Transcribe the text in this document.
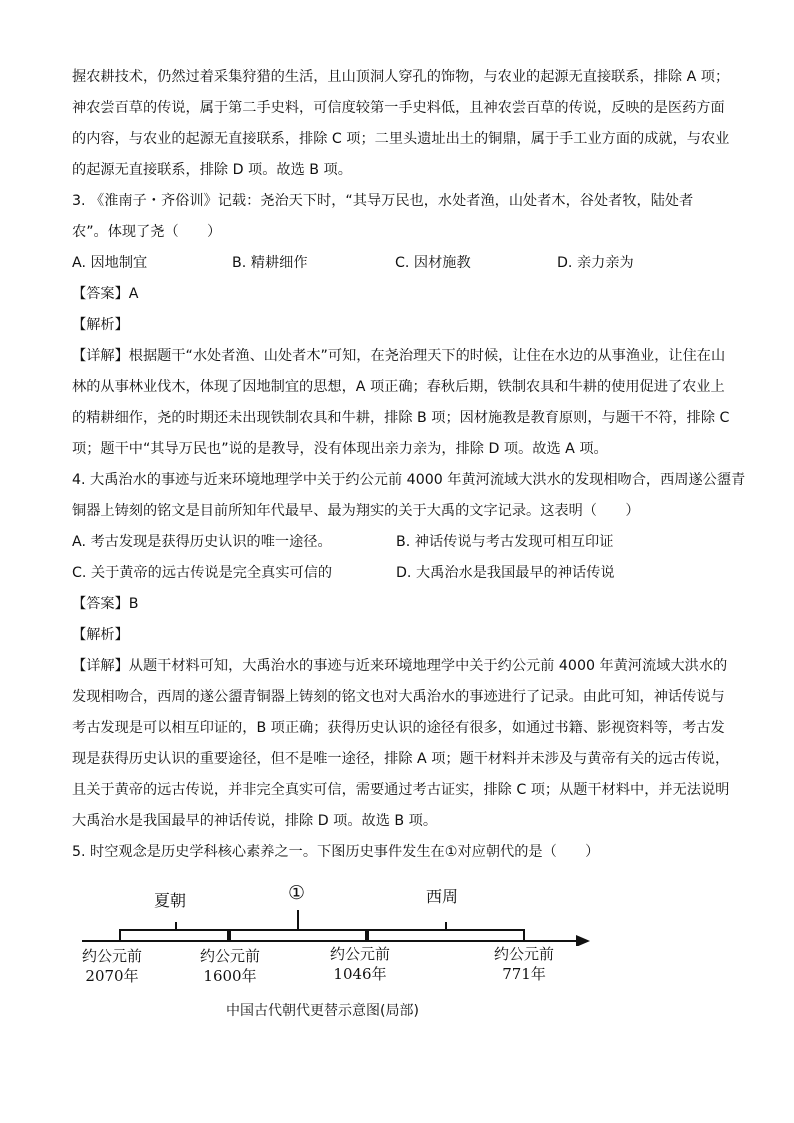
握农耕技术，仍然过着采集狩猎的生活，且山顶洞人穿孔的饰物，与农业的起源无直接联系，排除 A 项；

神农尝百草的传说，属于第二手史料，可信度较第一手史料低，且神农尝百草的传说，反映的是医药方面

的内容，与农业的起源无直接联系，排除 C 项；二里头遗址出土的铜鼎，属于手工业方面的成就，与农业

的起源无直接联系，排除 D 项。故选 B 项。

3. 《淮南子・齐俗训》记载：尧治天下时，“其导万民也，水处者渔，山处者木，谷处者牧，陆处者

农”。体现了尧（　　）

A. 因地制宜	B. 精耕细作	C. 因材施教	D. 亲力亲为

【答案】A

【解析】

【详解】根据题干“水处者渔、山处者木”可知，在尧治理天下的时候，让住在水边的从事渔业，让住在山

林的从事林业伐木，体现了因地制宜的思想，A 项正确；春秋后期，铁制农具和牛耕的使用促进了农业上

的精耕细作，尧的时期还未出现铁制农具和牛耕，排除 B 项；因材施教是教育原则，与题干不符，排除 C

项；题干中“其导万民也”说的是教导，没有体现出亲力亲为，排除 D 项。故选 A 项。

4. 大禹治水的事迹与近来环境地理学中关于约公元前 4000 年黄河流域大洪水的发现相吻合，西周遂公盨青

铜器上铸刻的铭文是目前所知年代最早、最为翔实的关于大禹的文字记录。这表明（　　）

A. 考古发现是获得历史认识的唯一途径。	B. 神话传说与考古发现可相互印证
C. 关于黄帝的远古传说是完全真实可信的	D. 大禹治水是我国最早的神话传说

【答案】B

【解析】

【详解】从题干材料可知，大禹治水的事迹与近来环境地理学中关于约公元前 4000 年黄河流域大洪水的

发现相吻合，西周的遂公盨青铜器上铸刻的铭文也对大禹治水的事迹进行了记录。由此可知，神话传说与

考古发现是可以相互印证的，B 项正确；获得历史认识的途径有很多，如通过书籍、影视资料等，考古发

现是获得历史认识的重要途径，但不是唯一途径，排除 A 项；题干材料并未涉及与黄帝有关的远古传说，

且关于黄帝的远古传说，并非完全真实可信，需要通过考古证实，排除 C 项；从题干材料中，并无法说明

大禹治水是我国最早的神话传说，排除 D 项。故选 B 项。

5. 时空观念是历史学科核心素养之一。下图历史事件发生在①对应朝代的是（　　）

夏朝	①	西周
约公元前
2070年
约公元前
1600年
约公元前
1046年
约公元前
771年
中国古代朝代更替示意图(局部)
